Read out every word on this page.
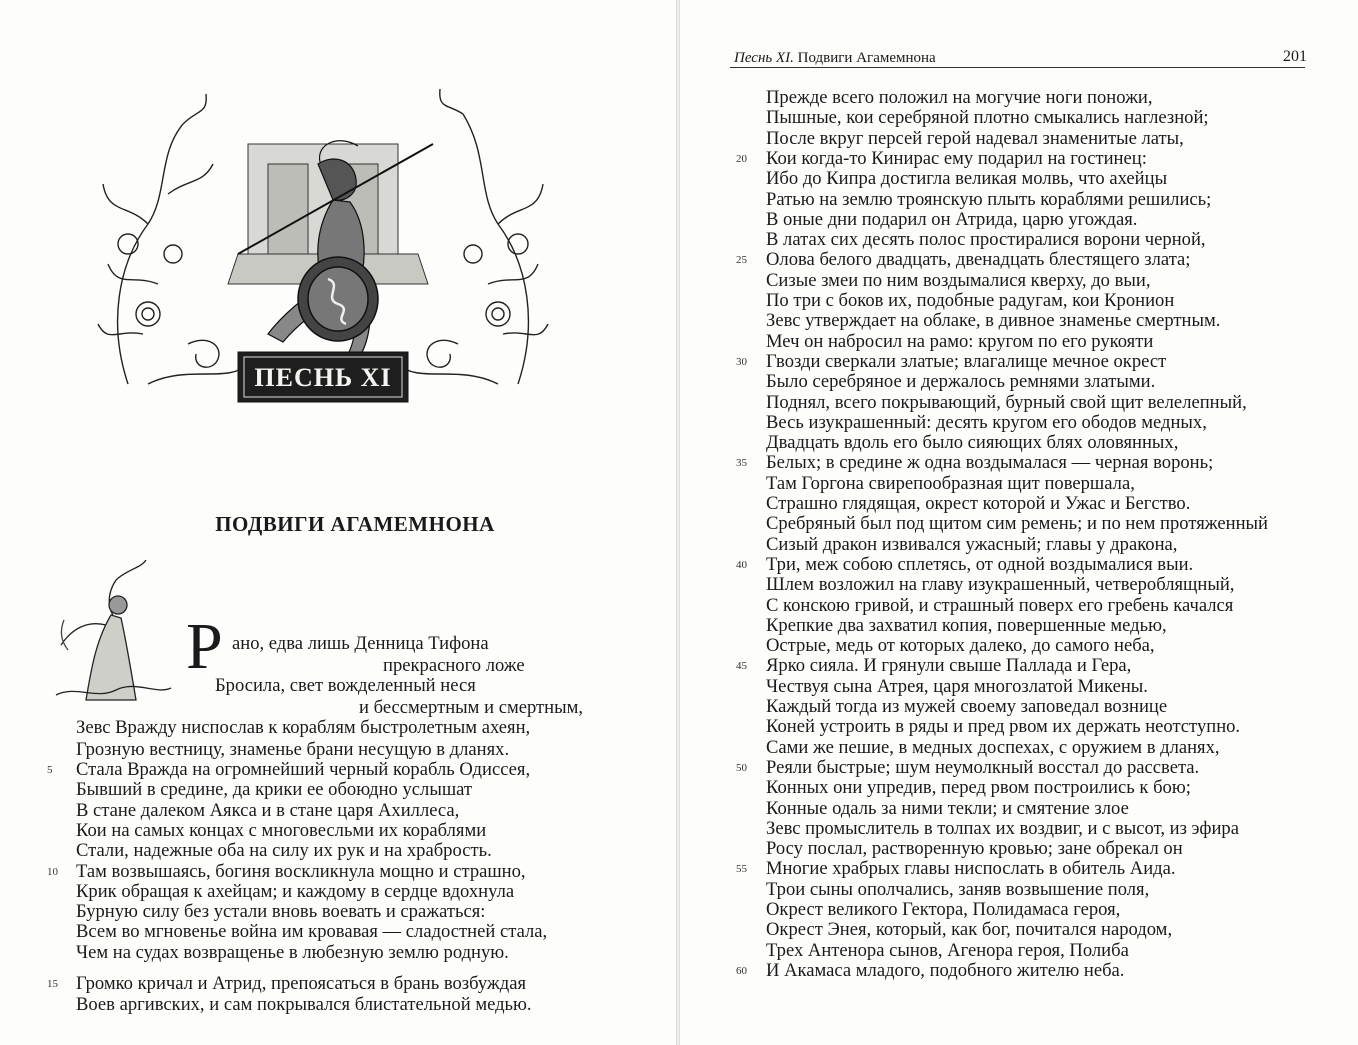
ПЕСНЬ XI
ПОДВИГИ АГАМЕМНОНА
Р ано, едва лишь Денница Тифона
прекрасного ложе
Бросила, свет вожделенный неся
и бессмертным и смертным,
Зевс Вражду ниспослав к кораблям быстролетным ахеян,
Грозную вестницу, знаменье брани несущую в дланях.
Стала Вражда на огромнейший черный корабль Одиссея,
5
Бывший в средине, да крики ее обоюдно услышат
В стане далеком Аякса и в стане царя Ахиллеса,
Кои на самых концах с многовесльми их кораблями
Стали, надежные оба на силу их рук и на храбрость.
Там возвышаясь, богиня воскликнула мощно и страшно,
10
Крик обращая к ахейцам; и каждому в сердце вдохнула
Бурную силу без устали вновь воевать и сражаться:
Всем во мгновенье война им кровавая — сладостней стала,
Чем на судах возвращенье в любезную землю родную.
Громко кричал и Атрид, препоясаться в брань возбуждая
15
Воев аргивских, и сам покрывался блистательной медью.
Песнь XI. Подвиги Агамемнона	201
Прежде всего положил на могучие ноги поножи,
Пышные, кои серебряной плотно смыкались наглезной;
После вкруг персей герой надевал знаменитые латы,
Кои когда-то Кинирас ему подарил на гостинец:
20
Ибо до Кипра достигла великая молвь, что ахейцы
Ратью на землю троянскую плыть кораблями решились;
В оные дни подарил он Атрида, царю угождая.
В латах сих десять полос простиралися ворони черной,
Олова белого двадцать, двенадцать блестящего злата;
25
Сизые змеи по ним воздымалися кверху, до выи,
По три с боков их, подобные радугам, кои Кронион
Зевс утверждает на облаке, в дивное знаменье смертным.
Меч он набросил на рамо: кругом по его рукояти
Гвозди сверкали златые; влагалище мечное окрест
30
Было серебряное и держалось ремнями златыми.
Поднял, всего покрывающий, бурный свой щит велелепный,
Весь изукрашенный: десять кругом его ободов медных,
Двадцать вдоль его было сияющих блях оловянных,
Белых; в средине ж одна воздымалася — черная воронь;
35
Там Горгона свирепообразная щит повершала,
Страшно глядящая, окрест которой и Ужас и Бегство.
Сребряный был под щитом сим ремень; и по нем протяженный
Сизый дракон извивался ужасный; главы у дракона,
Три, меж собою сплетясь, от одной воздымалися выи.
40
Шлем возложил на главу изукрашенный, четвероблящный,
С конскою гривой, и страшный поверх его гребень качался
Крепкие два захватил копия, повершенные медью,
Острые, медь от которых далеко, до самого неба,
Ярко сияла. И грянули свыше Паллада и Гера,
45
Чествуя сына Атрея, царя многозлатой Микены.
Каждый тогда из мужей своему заповедал вознице
Коней устроить в ряды и пред рвом их держать неотступно.
Сами же пешие, в медных доспехах, с оружием в дланях,
Реяли быстрые; шум неумолкный восстал до рассвета.
50
Конных они упредив, перед рвом построились к бою;
Конные одаль за ними текли; и смятение злое
Зевс промыслитель в толпах их воздвиг, и с высот, из эфира
Росу послал, растворенную кровью; зане обрекал он
Многие храбрых главы ниспослать в обитель Аида.
55
Трои сыны ополчались, заняв возвышение поля,
Окрест великого Гектора, Полидамаса героя,
Окрест Энея, который, как бог, почитался народом,
Трех Антенора сынов, Агенора героя, Полиба
И Акамаса младого, подобного жителю неба.
60
